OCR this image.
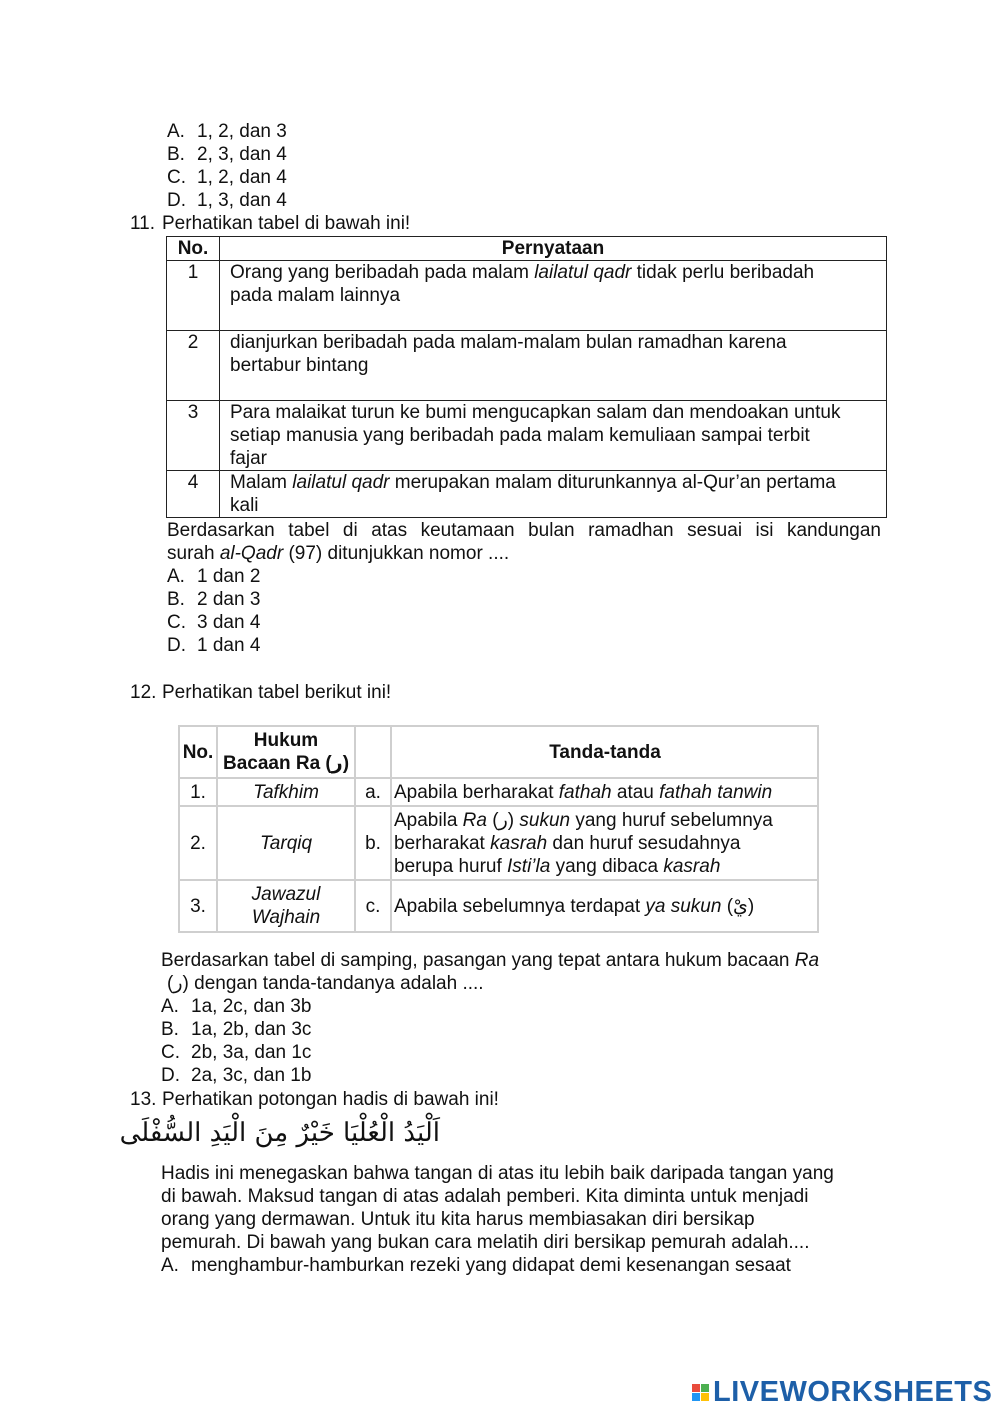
A. 1, 2, dan 3
B. 2, 3, dan 4
C. 1, 2, dan 4
D. 1, 3, dan 4
11. Perhatikan tabel di bawah ini!
No.	Pernyataan
1	Orang yang beribadah pada malam lailatul qadr tidak perlu beribadah
pada malam lainnya
2	dianjurkan beribadah pada malam-malam bulan ramadhan karena
bertabur bintang
3	Para malaikat turun ke bumi mengucapkan salam dan mendoakan untuk
setiap manusia yang beribadah pada malam kemuliaan sampai terbit
fajar
4	Malam lailatul qadr merupakan malam diturunkannya al-Qur’an pertama
kali
Berdasarkan tabel di atas keutamaan bulan ramadhan sesuai isi kandungan
surah al-Qadr (97) ditunjukkan nomor ....
A. 1 dan 2
B. 2 dan 3
C. 3 dan 4
D. 1 dan 4
12. Perhatikan tabel berikut ini!
No.	Hukum
Bacaan Ra (ر)		Tanda-tanda
1.	Tafkhim	a.	Apabila berharakat fathah atau fathah tanwin
2.	Tarqiq	b.	Apabila Ra (ر) sukun yang huruf sebelumnya
berharakat kasrah dan huruf sesudahnya
berupa huruf Isti’la yang dibaca kasrah
3.	Jawazul
Wajhain	c.	Apabila sebelumnya terdapat ya sukun (يْ)
Berdasarkan tabel di samping, pasangan yang tepat antara hukum bacaan Ra
(ر) dengan tanda-tandanya adalah ....
A. 1a, 2c, dan 3b
B. 1a, 2b, dan 3c
C. 2b, 3a, dan 1c
D. 2a, 3c, dan 1b
13. Perhatikan potongan hadis di bawah ini!
اَلْيَدُ الْعُلْيَا خَيْرٌ مِنَ الْيَدِ السُّفْلَى
Hadis ini menegaskan bahwa tangan di atas itu lebih baik daripada tangan yang
di bawah. Maksud tangan di atas adalah pemberi. Kita diminta untuk menjadi
orang yang dermawan. Untuk itu kita harus membiasakan diri bersikap
pemurah. Di bawah yang bukan cara melatih diri bersikap pemurah adalah....
A. menghambur-hamburkan rezeki yang didapat demi kesenangan sesaat
LIVEWORKSHEETS
